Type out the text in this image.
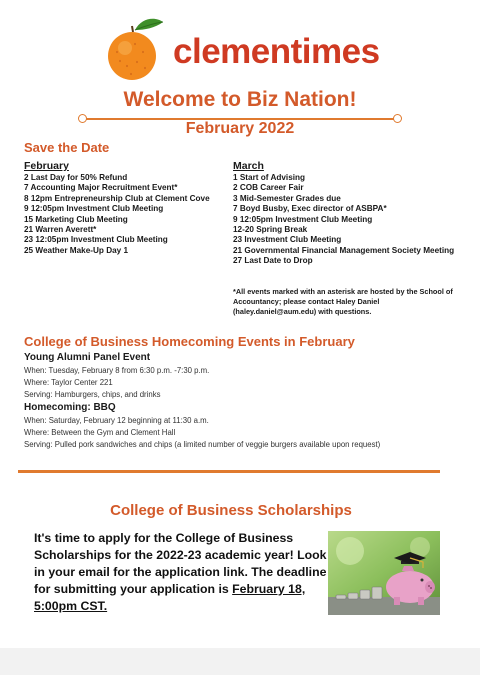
clementimes
Welcome to Biz Nation!
February 2022
Save the Date
February
2 Last Day for 50% Refund
7 Accounting Major Recruitment Event*
8 12pm Entrepreneurship Club at Clement Cove
9 12:05pm Investment Club Meeting
15 Marketing Club Meeting
21 Warren Averett*
23 12:05pm Investment Club Meeting
25 Weather Make-Up Day 1
March
1 Start of Advising
2 COB Career Fair
3 Mid-Semester Grades due
7 Boyd Busby, Exec director of ASBPA*
9 12:05pm Investment Club Meeting
12-20 Spring Break
23 Investment Club Meeting
21 Governmental Financial Management Society Meeting
27 Last Date to Drop
*All events marked with an asterisk are hosted by the School of
Accountancy; please contact Haley Daniel
(haley.daniel@aum.edu) with questions.
College of Business Homecoming Events in February
Young Alumni Panel Event
When: Tuesday, February 8 from 6:30 p.m. -7:30 p.m.
Where: Taylor Center 221
Serving: Hamburgers, chips, and drinks
Homecoming: BBQ
When: Saturday, February 12 beginning at 11:30 a.m.
Where: Between the Gym and Clement Hall
Serving: Pulled pork sandwiches and chips (a limited number of veggie burgers available upon request)
College of Business Scholarships
It's time to apply for the College of Business Scholarships for the 2022-23 academic year! Look in your email for the application link. The deadline for submitting your application is February 18, 5:00pm CST.
